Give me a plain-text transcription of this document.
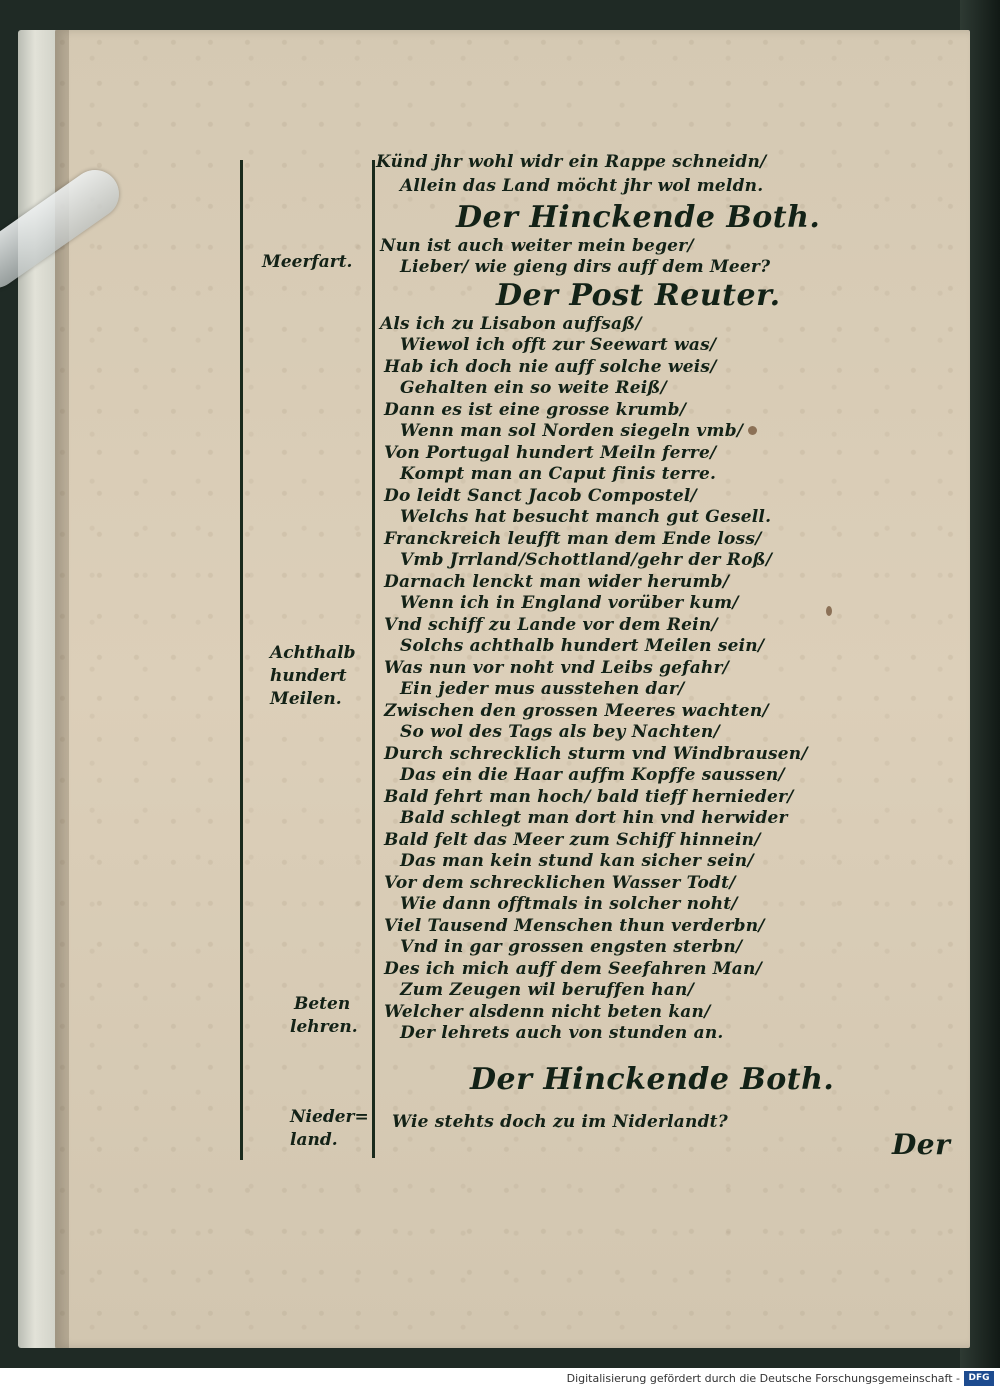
Künd jhr wohl widr ein Rappe schneidn/
Allein das Land möcht jhr wol meldn.
Der Hinckende Both.
Nun ist auch weiter mein beger/
Lieber/ wie gieng dirs auff dem Meer?
Der Post Reuter.
Als ich zu Lisabon auffsaß/
Wiewol ich offt zur Seewart was/
Hab ich doch nie auff solche weis/
Gehalten ein so weite Reiß/
Dann es ist eine grosse krumb/
Wenn man sol Norden siegeln vmb/
Von Portugal hundert Meiln ferre/
Kompt man an Caput finis terre.
Do leidt Sanct Jacob Compostel/
Welchs hat besucht manch gut Gesell.
Franckreich leufft man dem Ende loss/
Vmb Jrrland/Schottland/gehr der Roß/
Darnach lenckt man wider herumb/
Wenn ich in England vorüber kum/
Vnd schiff zu Lande vor dem Rein/
Solchs achthalb hundert Meilen sein/
Was nun vor noht vnd Leibs gefahr/
Ein jeder mus ausstehen dar/
Zwischen den grossen Meeres wachten/
So wol des Tags als bey Nachten/
Durch schrecklich sturm vnd Windbrausen/
Das ein die Haar auffm Kopffe saussen/
Bald fehrt man hoch/ bald tieff hernieder/
Bald schlegt man dort hin vnd herwider
Bald felt das Meer zum Schiff hinnein/
Das man kein stund kan sicher sein/
Vor dem schrecklichen Wasser Todt/
Wie dann offtmals in solcher noht/
Viel Tausend Menschen thun verderbn/
Vnd in gar grossen engsten sterbn/
Des ich mich auff dem Seefahren Man/
Zum Zeugen wil beruffen han/
Welcher alsdenn nicht beten kan/
Der lehrets auch von stunden an.
Der Hinckende Both.
Wie stehts doch zu im Niderlandt?
Meerfart.
Achthalb
hundert
Meilen.
Beten
lehren.
Nieder=
land.	Der
Digitalisierung gefördert durch die Deutsche Forschungsgemeinschaft - DFG
